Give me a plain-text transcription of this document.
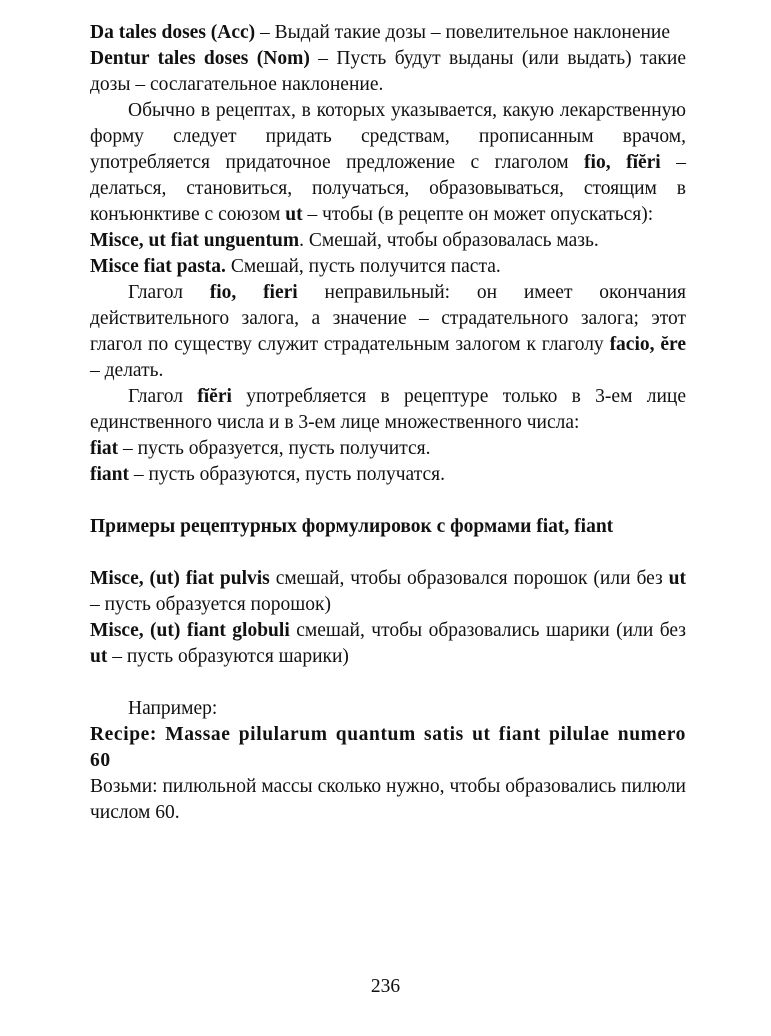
Da tales doses (Acc) – Выдай такие дозы – повелительное наклонение

Dentur tales doses (Nom) – Пусть будут выданы (или выдать) такие дозы – сослагательное наклонение.

Обычно в рецептах, в которых указывается, какую лекарственную форму следует придать средствам, прописанным врачом, употребляется придаточное предложение с глаголом fio, fĭĕri – делаться, становиться, получаться, образовываться, стоящим в конъюнктиве с союзом ut – чтобы (в рецепте он может опускаться):

Misce, ut fiat unguentum. Смешай, чтобы образовалась мазь.

Misce fiat pasta. Смешай, пусть получится паста.

Глагол fio, fieri неправильный: он имеет окончания действительного залога, а значение – страдательного залога; этот глагол по существу служит страдательным залогом к глаголу facio, ĕre – делать.

Глагол fĭĕri употребляется в рецептуре только в 3-ем лице единственного числа и в 3-ем лице множественного числа:

fiat – пусть образуется, пусть получится.

fiant – пусть образуются, пусть получатся.

Примеры рецептурных формулировок с формами fiat, fiant

Misce, (ut) fiat pulvis смешай, чтобы образовался порошок (или без ut – пусть образуется порошок)

Misce, (ut) fiant globuli смешай, чтобы образовались шарики (или без ut – пусть образуются шарики)

Например:

Recipe: Massae pilularum quantum satis ut fiant pilulae numero 60

Возьми: пилюльной массы сколько нужно, чтобы образовались пилюли числом 60.

236
